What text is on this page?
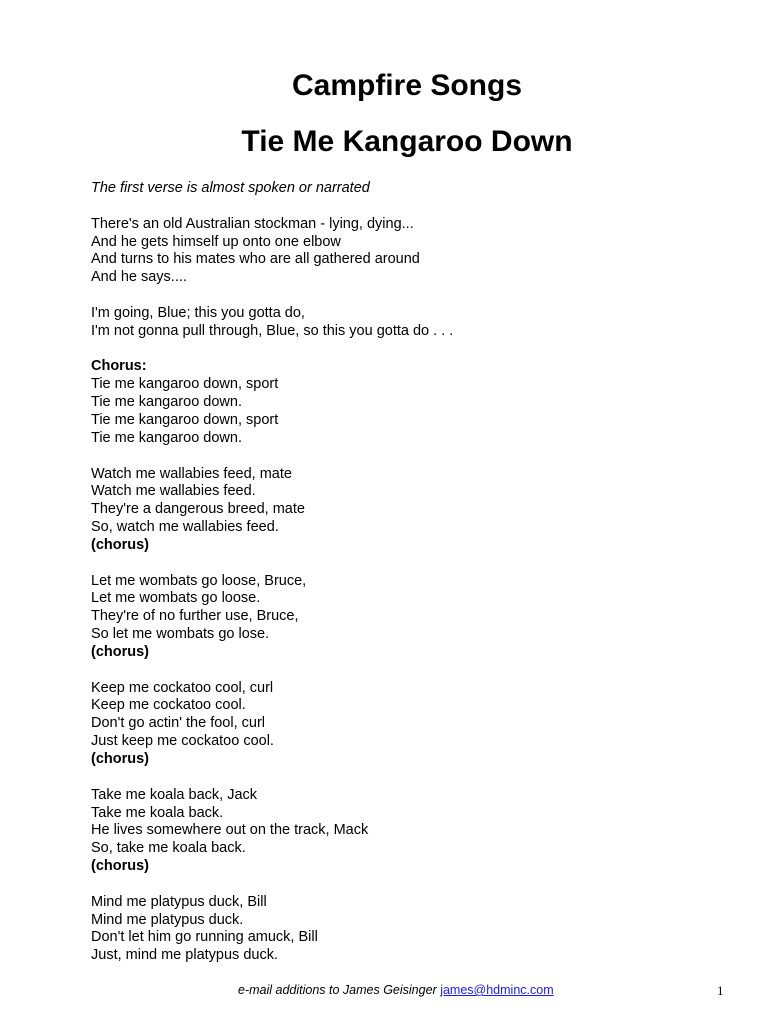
Campfire Songs
Tie Me Kangaroo Down

The first verse is almost spoken or narrated

There's an old Australian stockman - lying, dying...
And he gets himself up onto one elbow
And turns to his mates who are all gathered around
And he says....
I'm going, Blue; this you gotta do,
I'm not gonna pull through, Blue, so this you gotta do . . .
Chorus:
Tie me kangaroo down, sport
Tie me kangaroo down.
Tie me kangaroo down, sport
Tie me kangaroo down.
Watch me wallabies feed, mate
Watch me wallabies feed.
They're a dangerous breed, mate
So, watch me wallabies feed.
(chorus)
Let me wombats go loose, Bruce,
Let me wombats go loose.
They're of no further use, Bruce,
So let me wombats go lose.
(chorus)
Keep me cockatoo cool, curl
Keep me cockatoo cool.
Don't go actin' the fool, curl
Just keep me cockatoo cool.
(chorus)
Take me koala back, Jack
Take me koala back.
He lives somewhere out on the track, Mack
So, take me koala back.
(chorus)
Mind me platypus duck, Bill
Mind me platypus duck.
Don't let him go running amuck, Bill
Just, mind me platypus duck.
e-mail additions to James Geisinger james@hdminc.com	1
